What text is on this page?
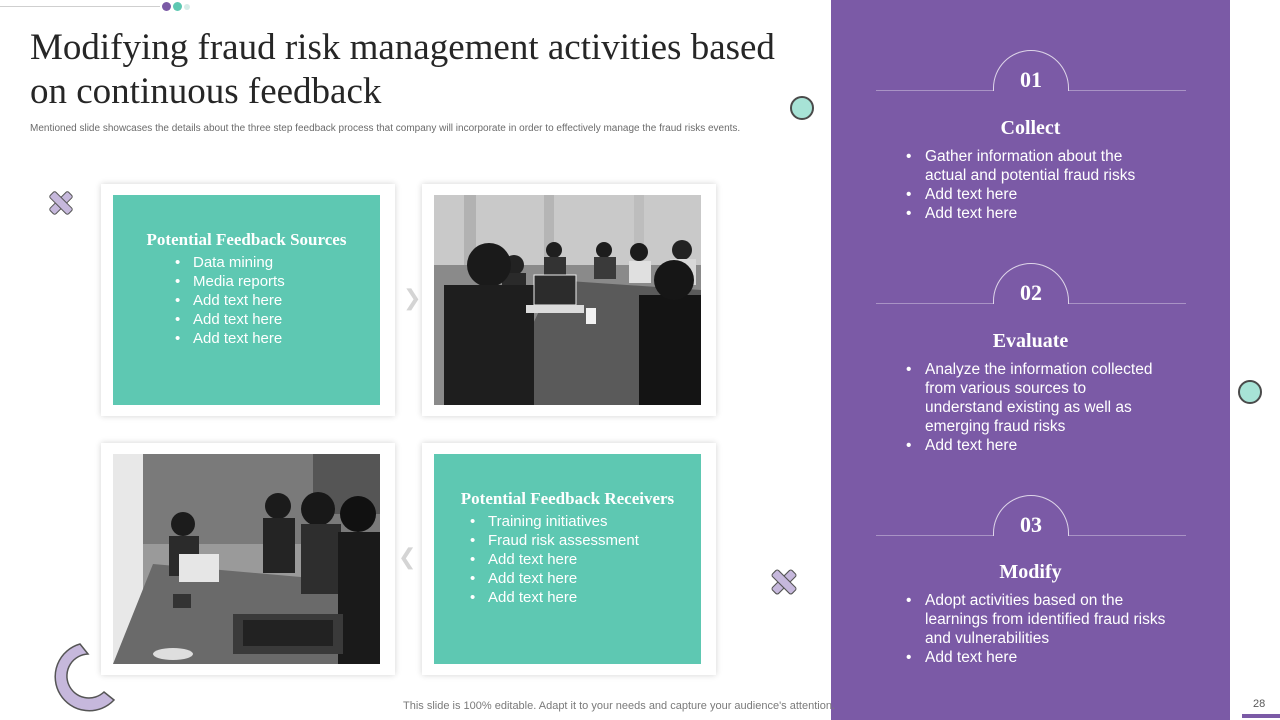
Modifying fraud risk management activities based on continuous feedback

Mentioned slide showcases the details about the three step feedback process that company will incorporate in order to effectively manage the fraud risks events.

Potential Feedback Sources
• Data mining
• Media reports
• Add text here
• Add text here
• Add text here
❯
❮
Potential Feedback Receivers
• Training initiatives
• Fraud risk assessment
• Add text here
• Add text here
• Add text here
01
Collect
• Gather information about the actual and potential fraud risks
• Add text here
• Add text here
02
Evaluate
• Analyze the information collected from various sources to understand existing as well as emerging fraud risks
• Add text here
03
Modify
• Adopt activities based on the learnings from identified fraud risks and vulnerabilities
• Add text here

This slide is 100% editable. Adapt it to your needs and capture your audience's attention.	28
